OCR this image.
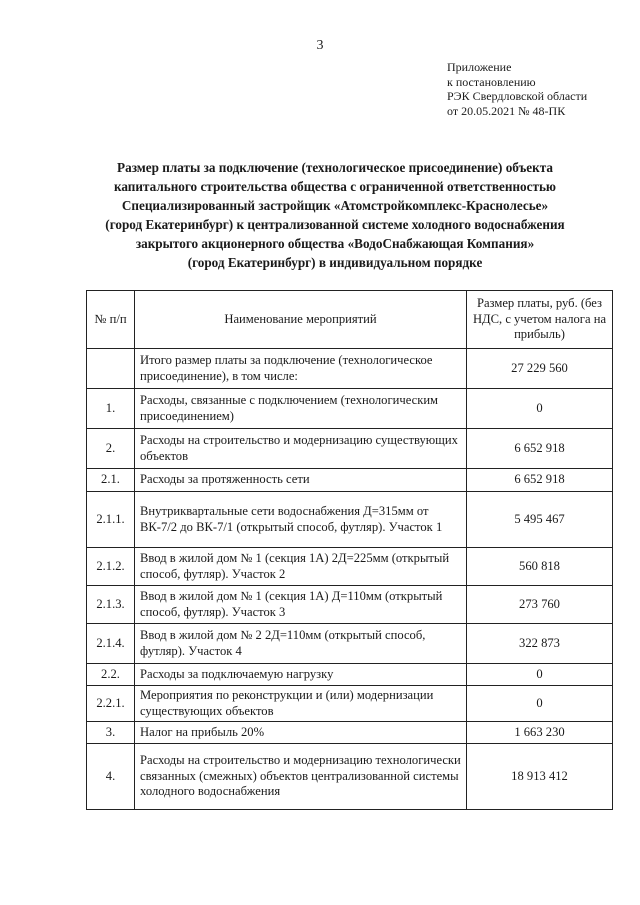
3
Приложение
к постановлению
РЭК Свердловской области
от 20.05.2021 № 48-ПК
Размер платы за подключение (технологическое присоединение) объекта
капитального строительства общества с ограниченной ответственностью
Специализированный застройщик «Атомстройкомплекс-Краснолесье»
(город Екатеринбург) к централизованной системе холодного водоснабжения
закрытого акционерного общества «ВодоСнабжающая Компания»
(город Екатеринбург) в индивидуальном порядке
№ п/п	Наименование мероприятий	Размер платы, руб. (без НДС, с учетом налога на прибыль)
	Итого размер платы за подключение (технологическое присоединение), в том числе:	27 229 560
1.	Расходы, связанные с подключением (технологическим присоединением)	0
2.	Расходы на строительство и модернизацию существующих объектов	6 652 918
2.1.	Расходы за протяженность сети	6 652 918
2.1.1.	Внутриквартальные сети водоснабжения Д=315мм от ВК-7/2 до ВК-7/1 (открытый способ, футляр). Участок 1	5 495 467
2.1.2.	Ввод в жилой дом № 1 (секция 1А) 2Д=225мм (открытый способ, футляр). Участок 2	560 818
2.1.3.	Ввод в жилой дом № 1 (секция 1А) Д=110мм (открытый способ, футляр). Участок 3	273 760
2.1.4.	Ввод в жилой дом № 2 2Д=110мм (открытый способ, футляр). Участок 4	322 873
2.2.	Расходы за подключаемую нагрузку	0
2.2.1.	Мероприятия по реконструкции и (или) модернизации существующих объектов	0
3.	Налог на прибыль 20%	1 663 230
4.	Расходы на строительство и модернизацию технологически связанных (смежных) объектов централизованной системы холодного водоснабжения	18 913 412
